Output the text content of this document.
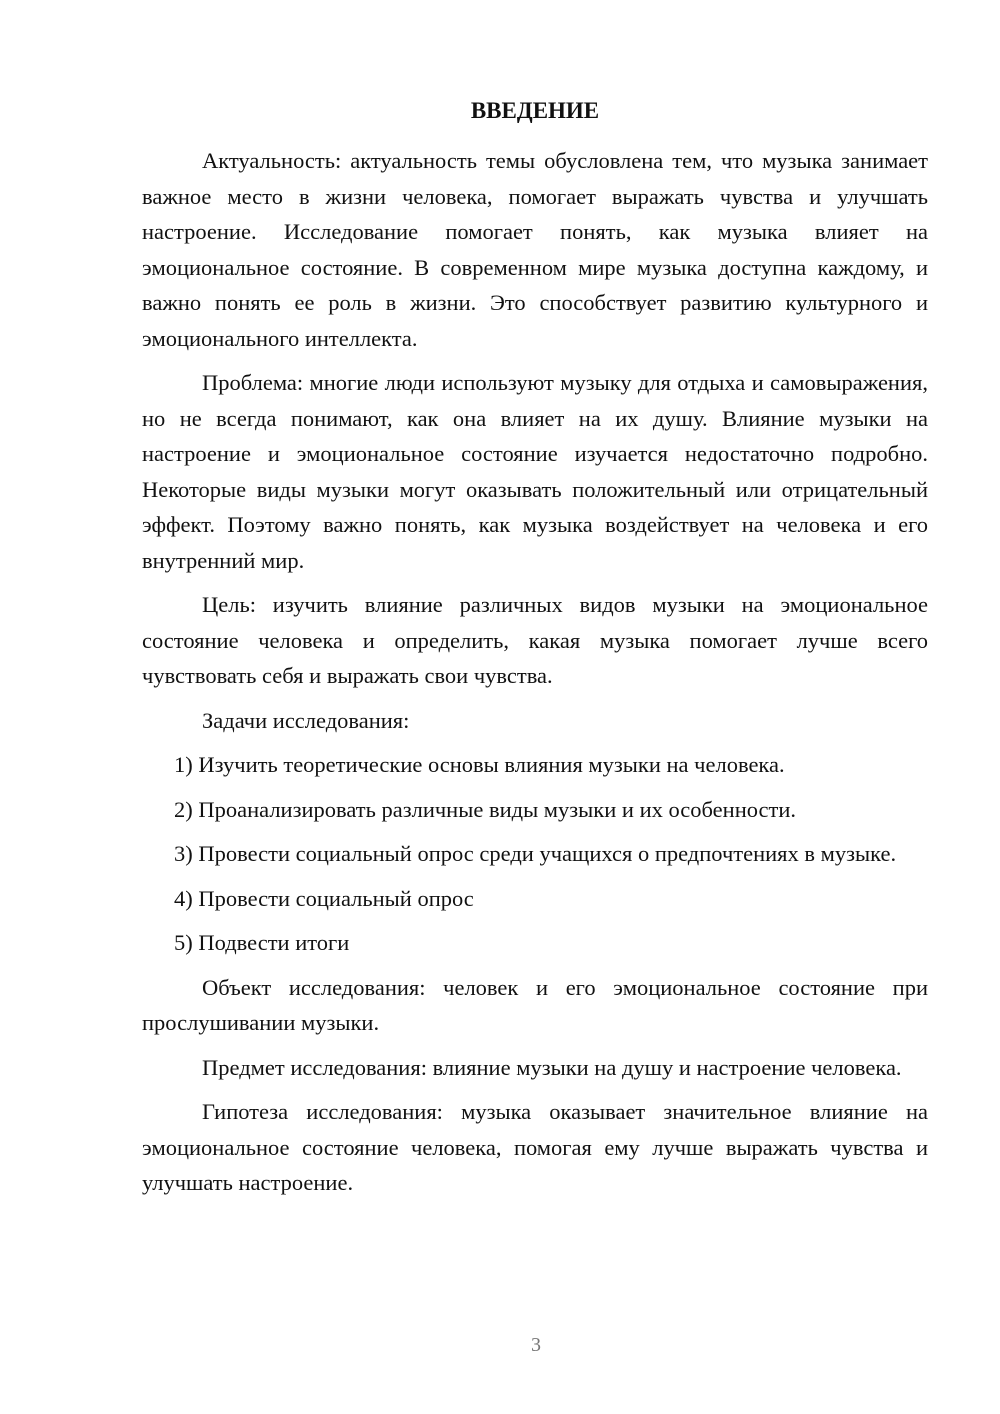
ВВЕДЕНИЕ

Актуальность: актуальность темы обусловлена тем, что музыка занимает важное место в жизни человека, помогает выражать чувства и улучшать настроение. Исследование помогает понять, как музыка влияет на эмоциональное состояние. В современном мире музыка доступна каждому, и важно понять ее роль в жизни. Это способствует развитию культурного и эмоционального интеллекта.

Проблема: многие люди используют музыку для отдыха и самовыражения, но не всегда понимают, как она влияет на их душу. Влияние музыки на настроение и эмоциональное состояние изучается недостаточно подробно. Некоторые виды музыки могут оказывать положительный или отрицательный эффект. Поэтому важно понять, как музыка воздействует на человека и его внутренний мир.

Цель: изучить влияние различных видов музыки на эмоциональное состояние человека и определить, какая музыка помогает лучше всего чувствовать себя и выражать свои чувства.

Задачи исследования:

1) Изучить теоретические основы влияния музыки на человека.

2) Проанализировать различные виды музыки и их особенности.

3) Провести социальный опрос среди учащихся о предпочтениях в музыке.

4) Провести социальный опрос

5) Подвести итоги

Объект исследования: человек и его эмоциональное состояние при прослушивании музыки.

Предмет исследования: влияние музыки на душу и настроение человека.

Гипотеза исследования: музыка оказывает значительное влияние на эмоциональное состояние человека, помогая ему лучше выражать чувства и улучшать настроение.

3
